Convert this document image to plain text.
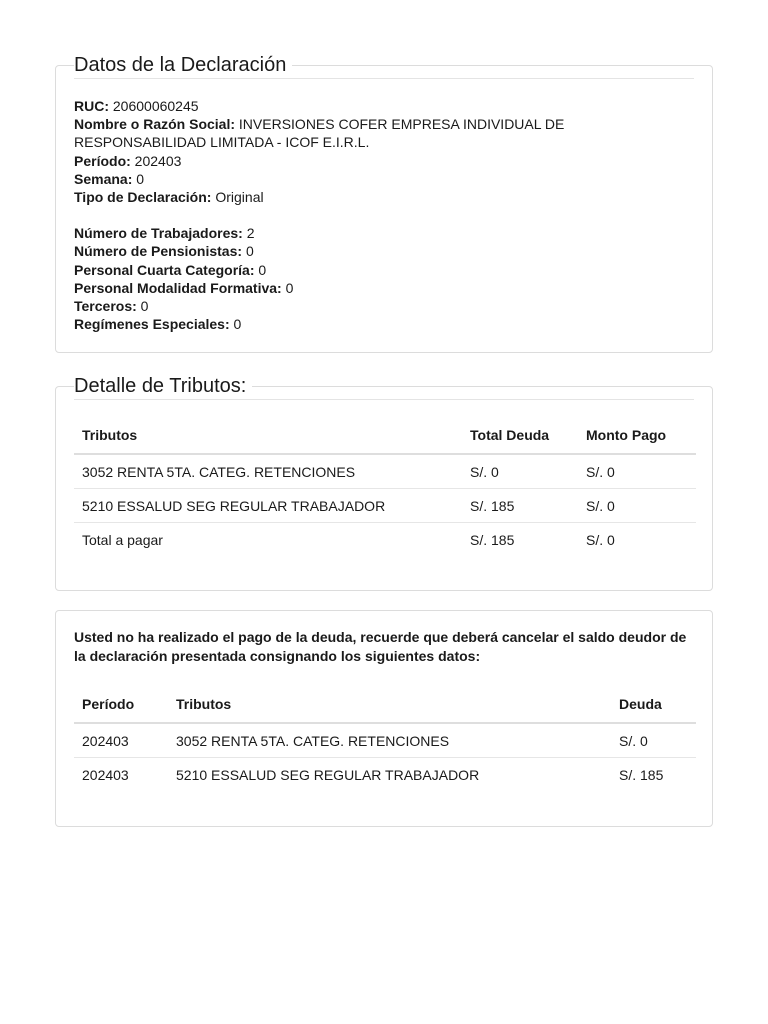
Datos de la Declaración
RUC: 20600060245
Nombre o Razón Social: INVERSIONES COFER EMPRESA INDIVIDUAL DE RESPONSABILIDAD LIMITADA - ICOF E.I.R.L.
Período: 202403
Semana: 0
Tipo de Declaración: Original
Número de Trabajadores: 2
Número de Pensionistas: 0
Personal Cuarta Categoría: 0
Personal Modalidad Formativa: 0
Terceros: 0
Regímenes Especiales: 0
Detalle de Tributos:
Tributos	Total Deuda	Monto Pago
3052 RENTA 5TA. CATEG. RETENCIONES	S/. 0	S/. 0
5210 ESSALUD SEG REGULAR TRABAJADOR	S/. 185	S/. 0
Total a pagar	S/. 185	S/. 0
Usted no ha realizado el pago de la deuda, recuerde que deberá cancelar el saldo deudor de la declaración presentada consignando los siguientes datos:
Período	Tributos	Deuda
202403	3052 RENTA 5TA. CATEG. RETENCIONES	S/. 0
202403	5210 ESSALUD SEG REGULAR TRABAJADOR	S/. 185
